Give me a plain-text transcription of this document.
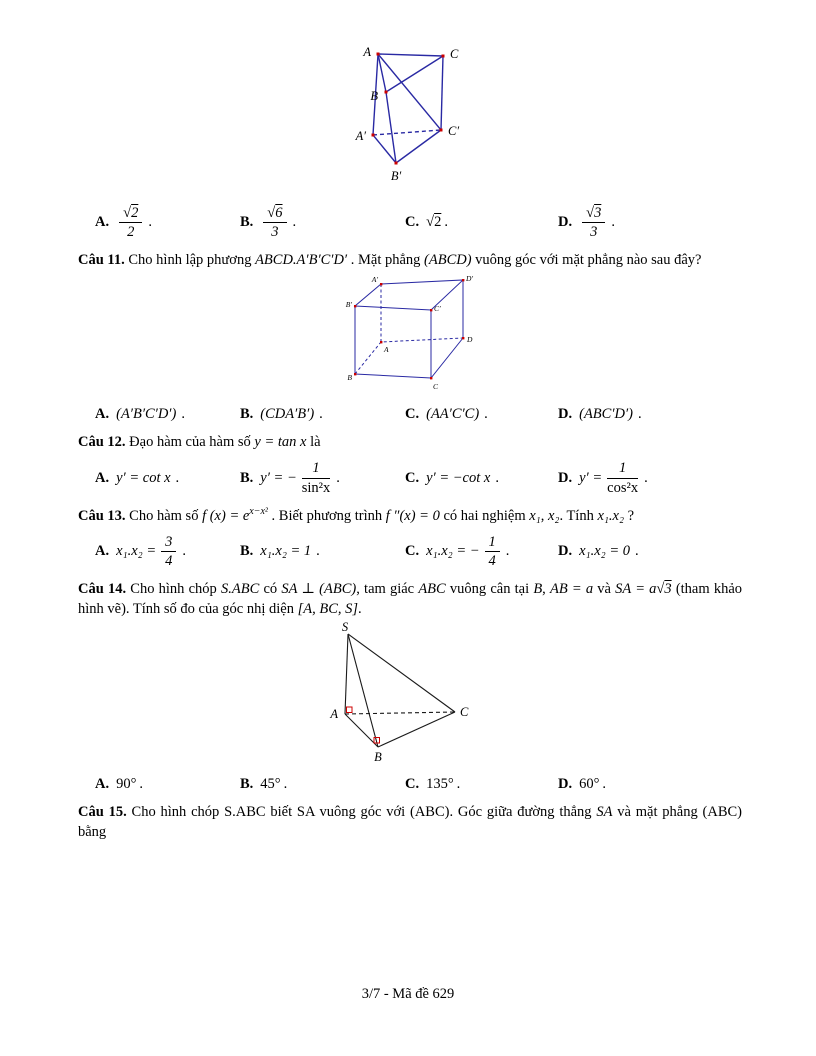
A	C
B
A′	C′
B′
A. $\frac{√2}{2}$ .	B. $\frac{√6}{3}$ .	C. √2 .	D. $\frac{√3}{3}$ .

Câu 11. Cho hình lập phương ABCD.A′B′C′D′ . Mặt phẳng (ABCD) vuông góc với mặt phẳng nào sau đây?

A′	D′
B′	C′
A
D
B
C
A. (A′B′C′D′) .	B. (CDA′B′) .	C. (AA′C′C) .	D. (ABC′D′) .

Câu 12. Đạo hàm của hàm số y = tan x là

A. y′ = cot x .	B. y′ = − $\frac{1}{\text{sin²x}}$ .	C. y′ = −cot x .	D. $y' = \frac{1}{\text{cos²x}}$ .

Câu 13. Cho hàm số f $(x) = e^{x-x^2}$ . Biết phương trình f ″(x) = 0 có hai nghiệm x₁, x₂. Tính x₁.x₂ ?

A. $x_1.x_2 = \frac{3}{4}$ .	B. x₁.x₂ = 1 .	C. x₁.x₂ = − $\frac{1}{4}$ .	D. x₁.x₂ = 0 .

Câu 14. Cho hình chóp S.ABC có SA ⊥ (ABC), tam giác ABC vuông cân tại B, AB = a và SA = a√3 (tham khảo hình vẽ). Tính số đo của góc nhị diện [A, BC, S].

S
A	C
B
A. 90° .	B. 45° .	C. 135° .	D. 60° .

Câu 15. Cho hình chóp S.ABC biết SA vuông góc với (ABC). Góc giữa đường thẳng SA và mặt phẳng (ABC) bằng

3/7 - Mã đề 629
